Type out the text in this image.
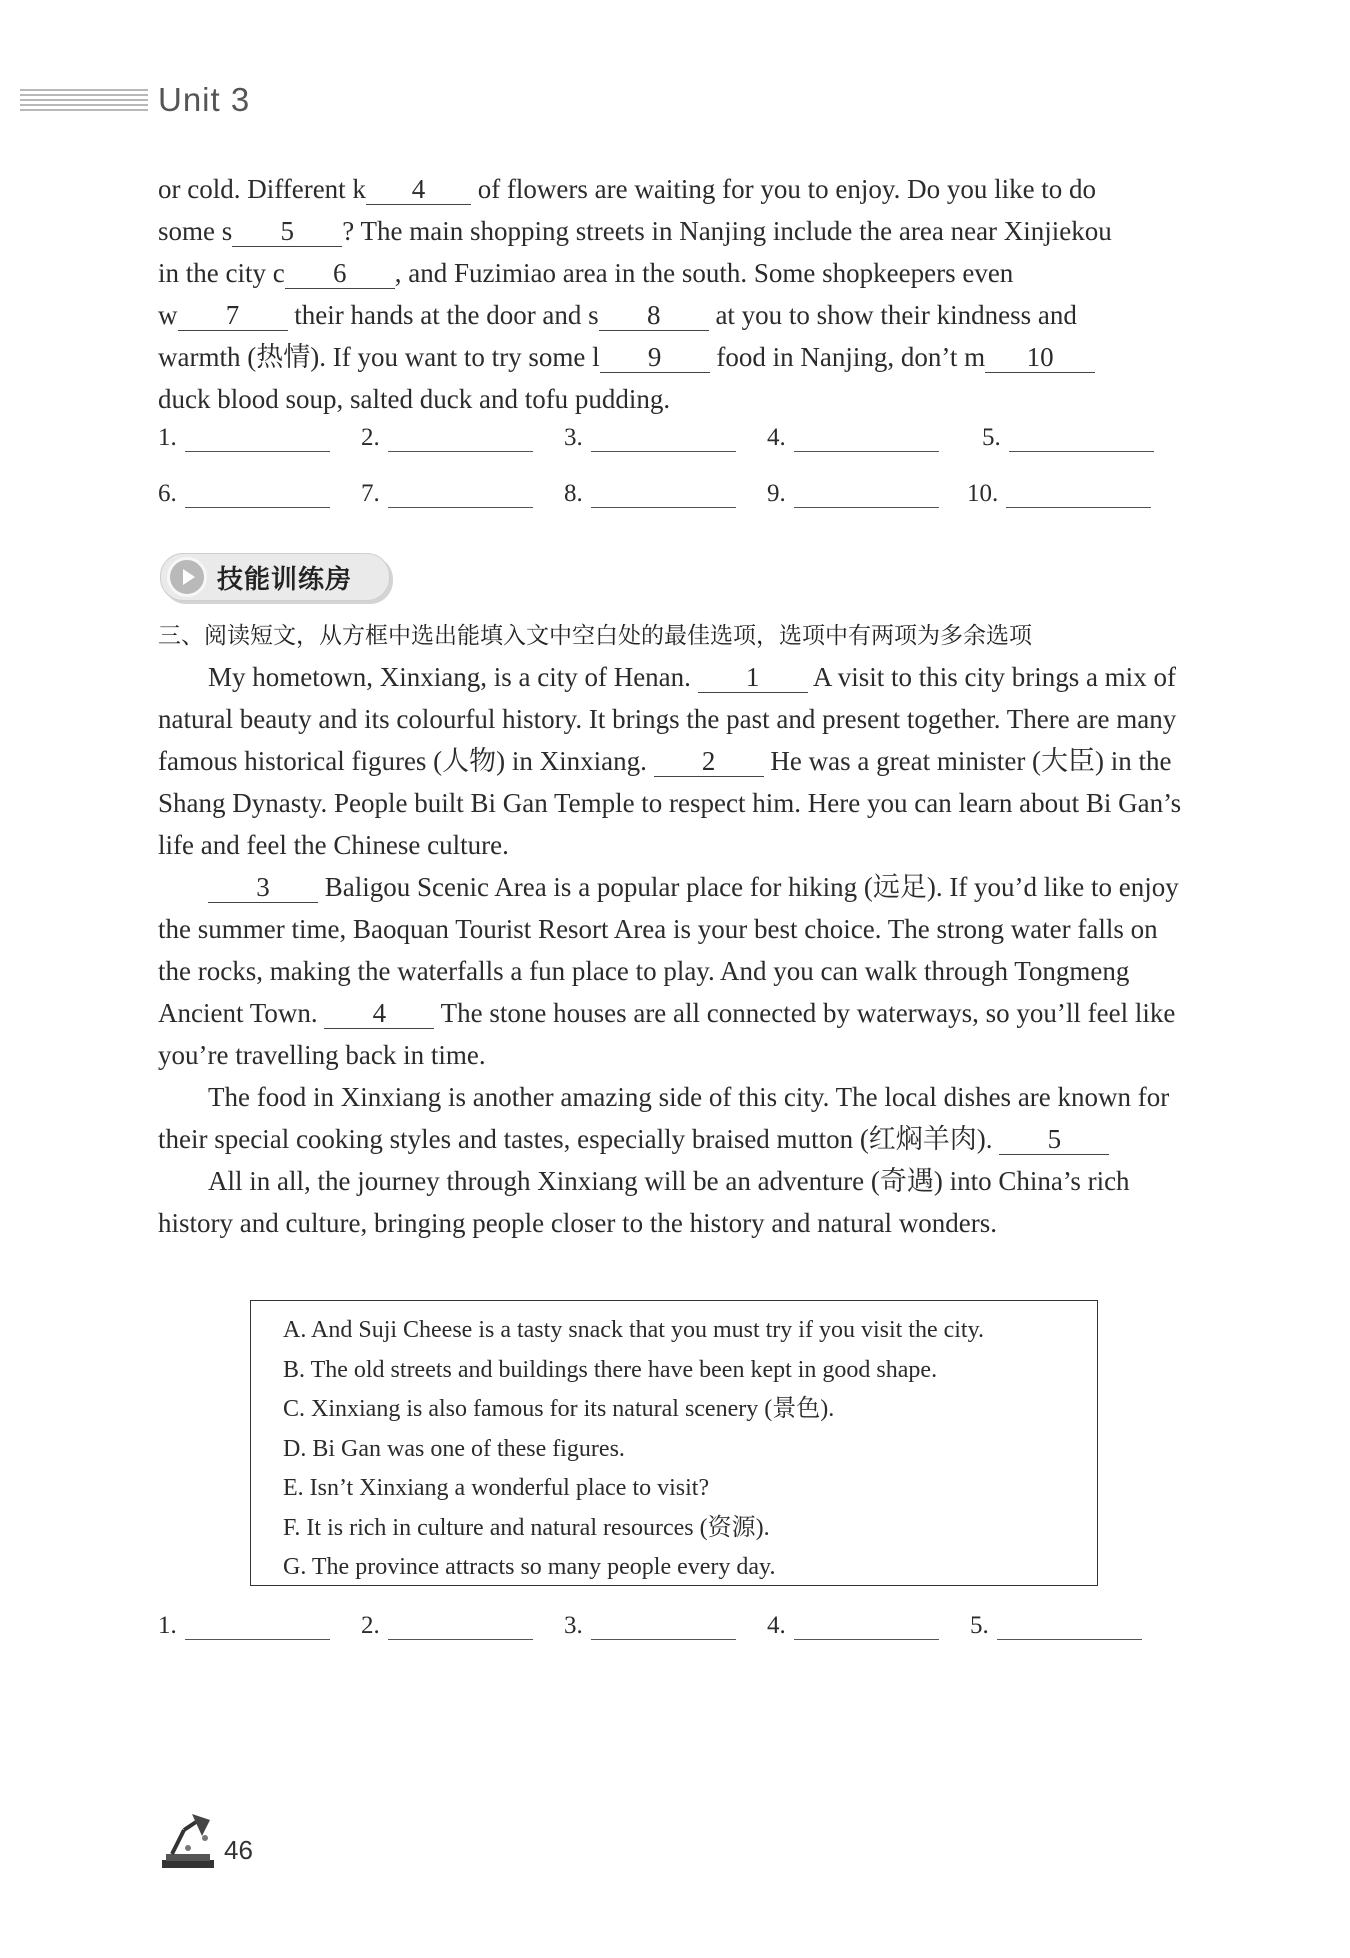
Unit 3

or cold. Different k 4 of flowers are waiting for you to enjoy. Do you like to do

some s 5 ? The main shopping streets in Nanjing include the area near Xinjiekou

in the city c 6 , and Fuzimiao area in the south. Some shopkeepers even

w 7 their hands at the door and s 8 at you to show their kindness and

warmth (热情). If you want to try some l 9 food in Nanjing, don’t m 10

duck blood soup, salted duck and tofu pudding.

1.	2.	3.	4.	5.
6.	7.	8.	9.	10.
技能训练房
三、阅读短文，从方框中选出能填入文中空白处的最佳选项，选项中有两项为多余选项

My hometown, Xinxiang, is a city of Henan. 1 A visit to this city brings a mix of natural beauty and its colourful history. It brings the past and present together. There are many famous historical figures (人物) in Xinxiang. 2 He was a great minister (大臣) in the Shang Dynasty. People built Bi Gan Temple to respect him. Here you can learn about Bi Gan’s life and feel the Chinese culture.

3 Baligou Scenic Area is a popular place for hiking (远足). If you’d like to enjoy the summer time, Baoquan Tourist Resort Area is your best choice. The strong water falls on the rocks, making the waterfalls a fun place to play. And you can walk through Tongmeng Ancient Town. 4 The stone houses are all connected by waterways, so you’ll feel like you’re travelling back in time.

The food in Xinxiang is another amazing side of this city. The local dishes are known for their special cooking styles and tastes, especially braised mutton (红焖羊肉). 5

All in all, the journey through Xinxiang will be an adventure (奇遇) into China’s rich history and culture, bringing people closer to the history and natural wonders.

A. And Suji Cheese is a tasty snack that you must try if you visit the city.

B. The old streets and buildings there have been kept in good shape.

C. Xinxiang is also famous for its natural scenery (景色).

D. Bi Gan was one of these figures.

E. Isn’t Xinxiang a wonderful place to visit?

F. It is rich in culture and natural resources (资源).

G. The province attracts so many people every day.

1.	2.	3.	4.	5.
46
